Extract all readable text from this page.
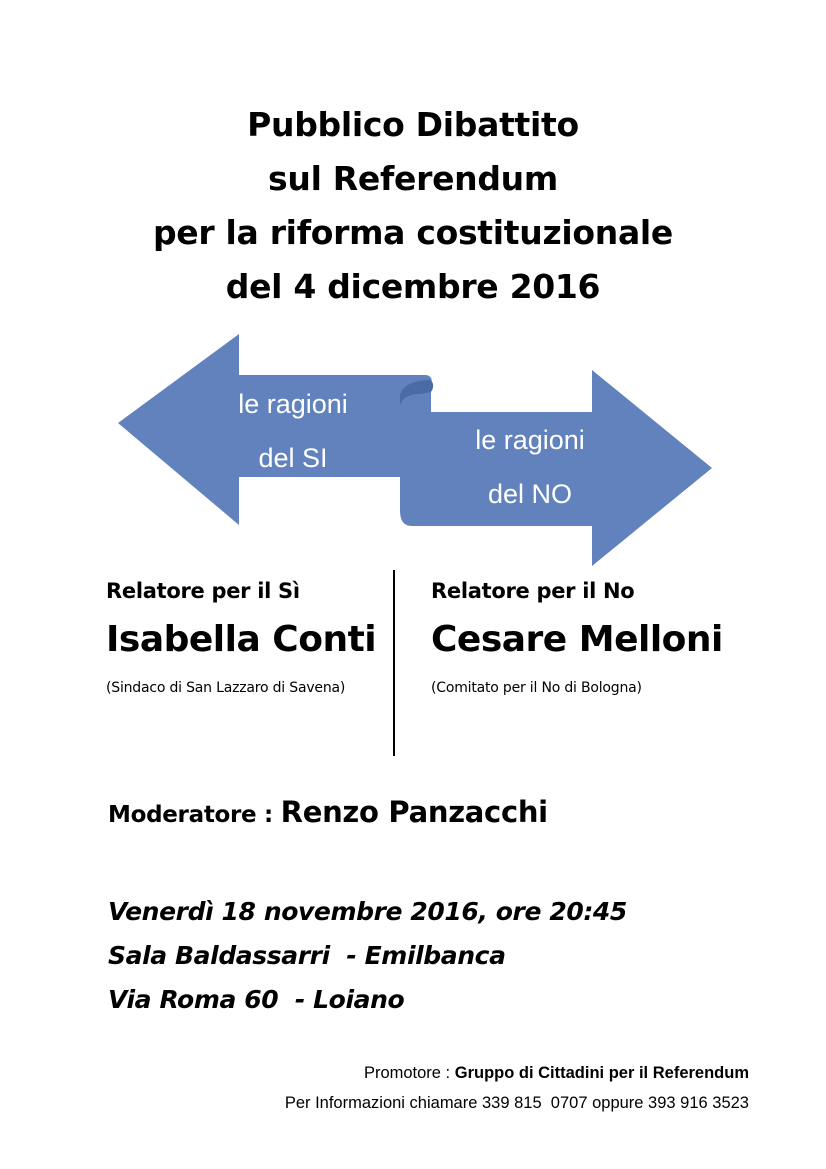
Pubblico Dibattito
sul Referendum
per la riforma costituzionale
del 4 dicembre 2016
le ragioni
del SI
le ragioni
del NO
Relatore per il Sì
Isabella Conti
(Sindaco di San Lazzaro di Savena)
Relatore per il No
Cesare Melloni
(Comitato per il No di Bologna)
Moderatore : Renzo Panzacchi
Venerdì 18 novembre 2016, ore 20:45
Sala Baldassarri  - Emilbanca
Via Roma 60  - Loiano
Promotore : Gruppo di Cittadini per il Referendum
Per Informazioni chiamare 339 815  0707 oppure 393 916 3523
